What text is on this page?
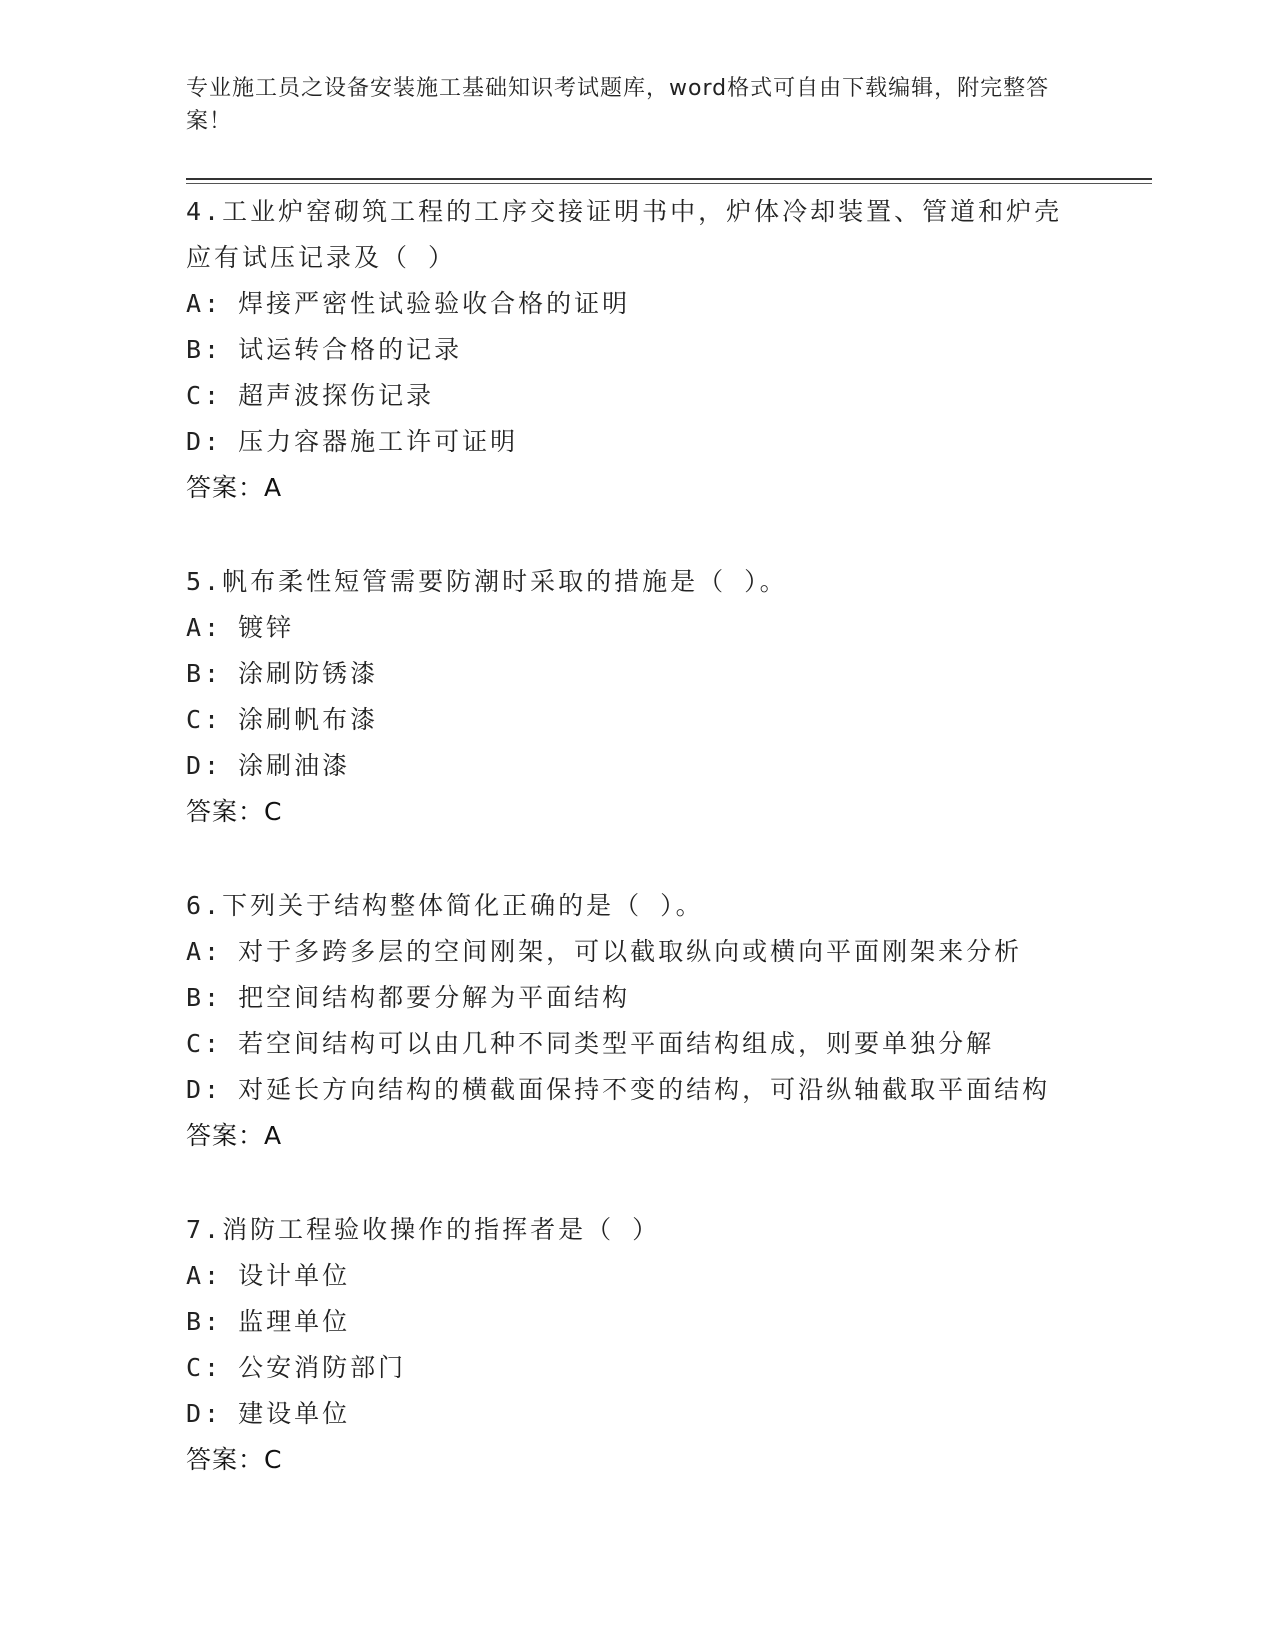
专业施工员之设备安装施工基础知识考试题库，word格式可自由下载编辑，附完整答案！
4.工业炉窑砌筑工程的工序交接证明书中，炉体冷却装置、管道和炉壳应有试压记录及（ ）
A: 焊接严密性试验验收合格的证明
B: 试运转合格的记录
C: 超声波探伤记录
D: 压力容器施工许可证明
答案：A
5.帆布柔性短管需要防潮时采取的措施是（ ）。
A: 镀锌
B: 涂刷防锈漆
C: 涂刷帆布漆
D: 涂刷油漆
答案：C
6.下列关于结构整体简化正确的是（ ）。
A: 对于多跨多层的空间刚架，可以截取纵向或横向平面刚架来分析
B: 把空间结构都要分解为平面结构
C: 若空间结构可以由几种不同类型平面结构组成，则要单独分解
D: 对延长方向结构的横截面保持不变的结构，可沿纵轴截取平面结构
答案：A
7.消防工程验收操作的指挥者是（ ）
A: 设计单位
B: 监理单位
C: 公安消防部门
D: 建设单位
答案：C
